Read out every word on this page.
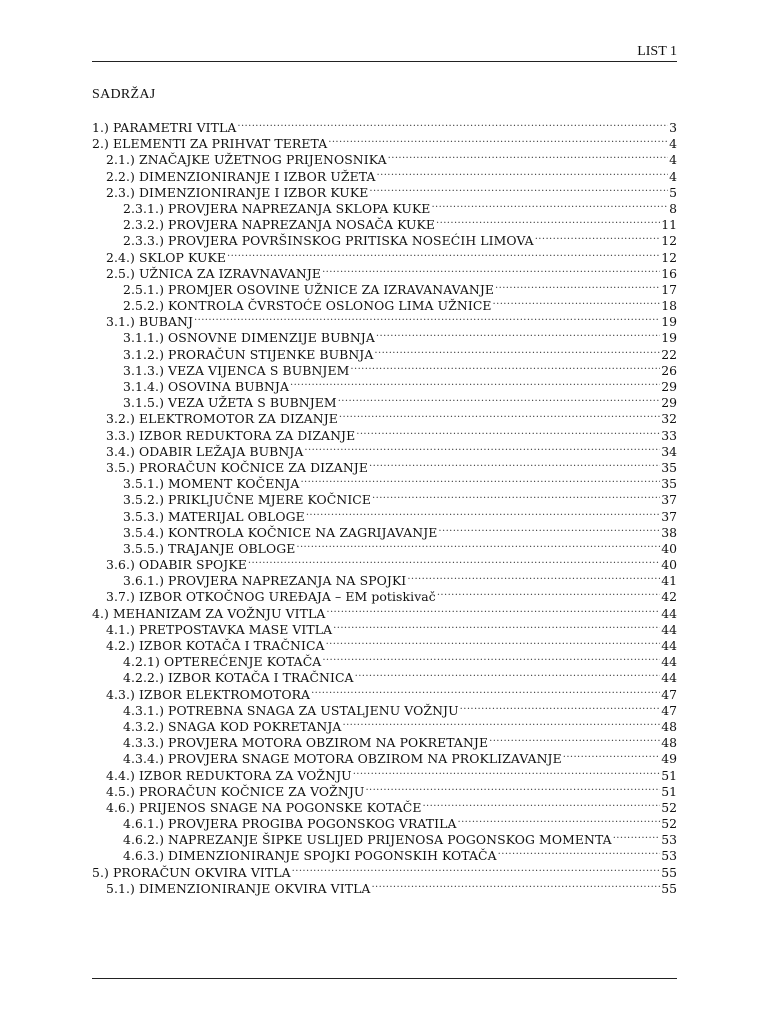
LIST 1
SADRŽAJ
1.) PARAMETRI VITLA .....	3
2.) ELEMENTI ZA PRIHVAT TERETA .....	4
2.1.) ZNAČAJKE UŽETNOG PRIJENOSNIKA .....	4
2.2.) DIMENZIONIRANJE I IZBOR UŽETA .....	4
2.3.) DIMENZIONIRANJE I IZBOR KUKE .....	5
2.3.1.) PROVJERA NAPREZANJA SKLOPA KUKE .....	8
2.3.2.) PROVJERA NAPREZANJA NOSAČA KUKE .....	11
2.3.3.) PROVJERA POVRŠINSKOG PRITISKA NOSEĆIH LIMOVA .....	12
2.4.) SKLOP KUKE .....	12
2.5.) UŽNICA ZA IZRAVNAVANJE .....	16
2.5.1.) PROMJER OSOVINE UŽNICE ZA IZRAVANAVANJE .....	17
2.5.2.) KONTROLA ČVRSTOĆE OSLONOG LIMA UŽNICE .....	18
3.1.) BUBANJ .....	19
3.1.1.) OSNOVNE DIMENZIJE BUBNJA .....	19
3.1.2.) PRORAČUN STIJENKE BUBNJA .....	22
3.1.3.) VEZA VIJENCA S BUBNJEM .....	26
3.1.4.) OSOVINA BUBNJA .....	29
3.1.5.) VEZA UŽETA S BUBNJEM .....	29
3.2.) ELEKTROMOTOR ZA DIZANJE .....	32
3.3.) IZBOR REDUKTORA ZA DIZANJE .....	33
3.4.) ODABIR LEŽAJA BUBNJA .....	34
3.5.) PRORAČUN KOČNICE ZA DIZANJE .....	35
3.5.1.) MOMENT KOČENJA .....	35
3.5.2.) PRIKLJUČNE MJERE KOČNICE .....	37
3.5.3.) MATERIJAL OBLOGE .....	37
3.5.4.) KONTROLA KOČNICE NA ZAGRIJAVANJE .....	38
3.5.5.) TRAJANJE OBLOGE .....	40
3.6.) ODABIR SPOJKE .....	40
3.6.1.) PROVJERA NAPREZANJA NA SPOJKI .....	41
3.7.) IZBOR OTKOČNOG UREĐAJA – EM potiskivač .....	42
4.) MEHANIZAM ZA VOŽNJU VITLA .....	44
4.1.) PRETPOSTAVKA MASE VITLA .....	44
4.2.) IZBOR KOTAČA I TRAČNICA .....	44
4.2.1) OPTEREĆENJE KOTAČA .....	44
4.2.2.) IZBOR KOTAČA I TRAČNICA .....	44
4.3.) IZBOR ELEKTROMOTORA .....	47
4.3.1.) POTREBNA SNAGA ZA USTALJENU VOŽNJU .....	47
4.3.2.) SNAGA KOD POKRETANJA .....	48
4.3.3.) PROVJERA MOTORA OBZIROM NA POKRETANJE .....	48
4.3.4.) PROVJERA SNAGE MOTORA OBZIROM NA PROKLIZAVANJE .....	49
4.4.) IZBOR REDUKTORA ZA VOŽNJU .....	51
4.5.) PRORAČUN KOČNICE ZA VOŽNJU .....	51
4.6.) PRIJENOS SNAGE NA POGONSKE KOTAČE .....	52
4.6.1.) PROVJERA PROGIBA POGONSKOG VRATILA .....	52
4.6.2.) NAPREZANJE ŠIPKE USLIJED PRIJENOSA POGONSKOG MOMENTA .....	53
4.6.3.) DIMENZIONIRANJE SPOJKI POGONSKIH KOTAČA .....	53
5.) PRORAČUN OKVIRA VITLA .....	55
5.1.) DIMENZIONIRANJE OKVIRA VITLA .....	55
